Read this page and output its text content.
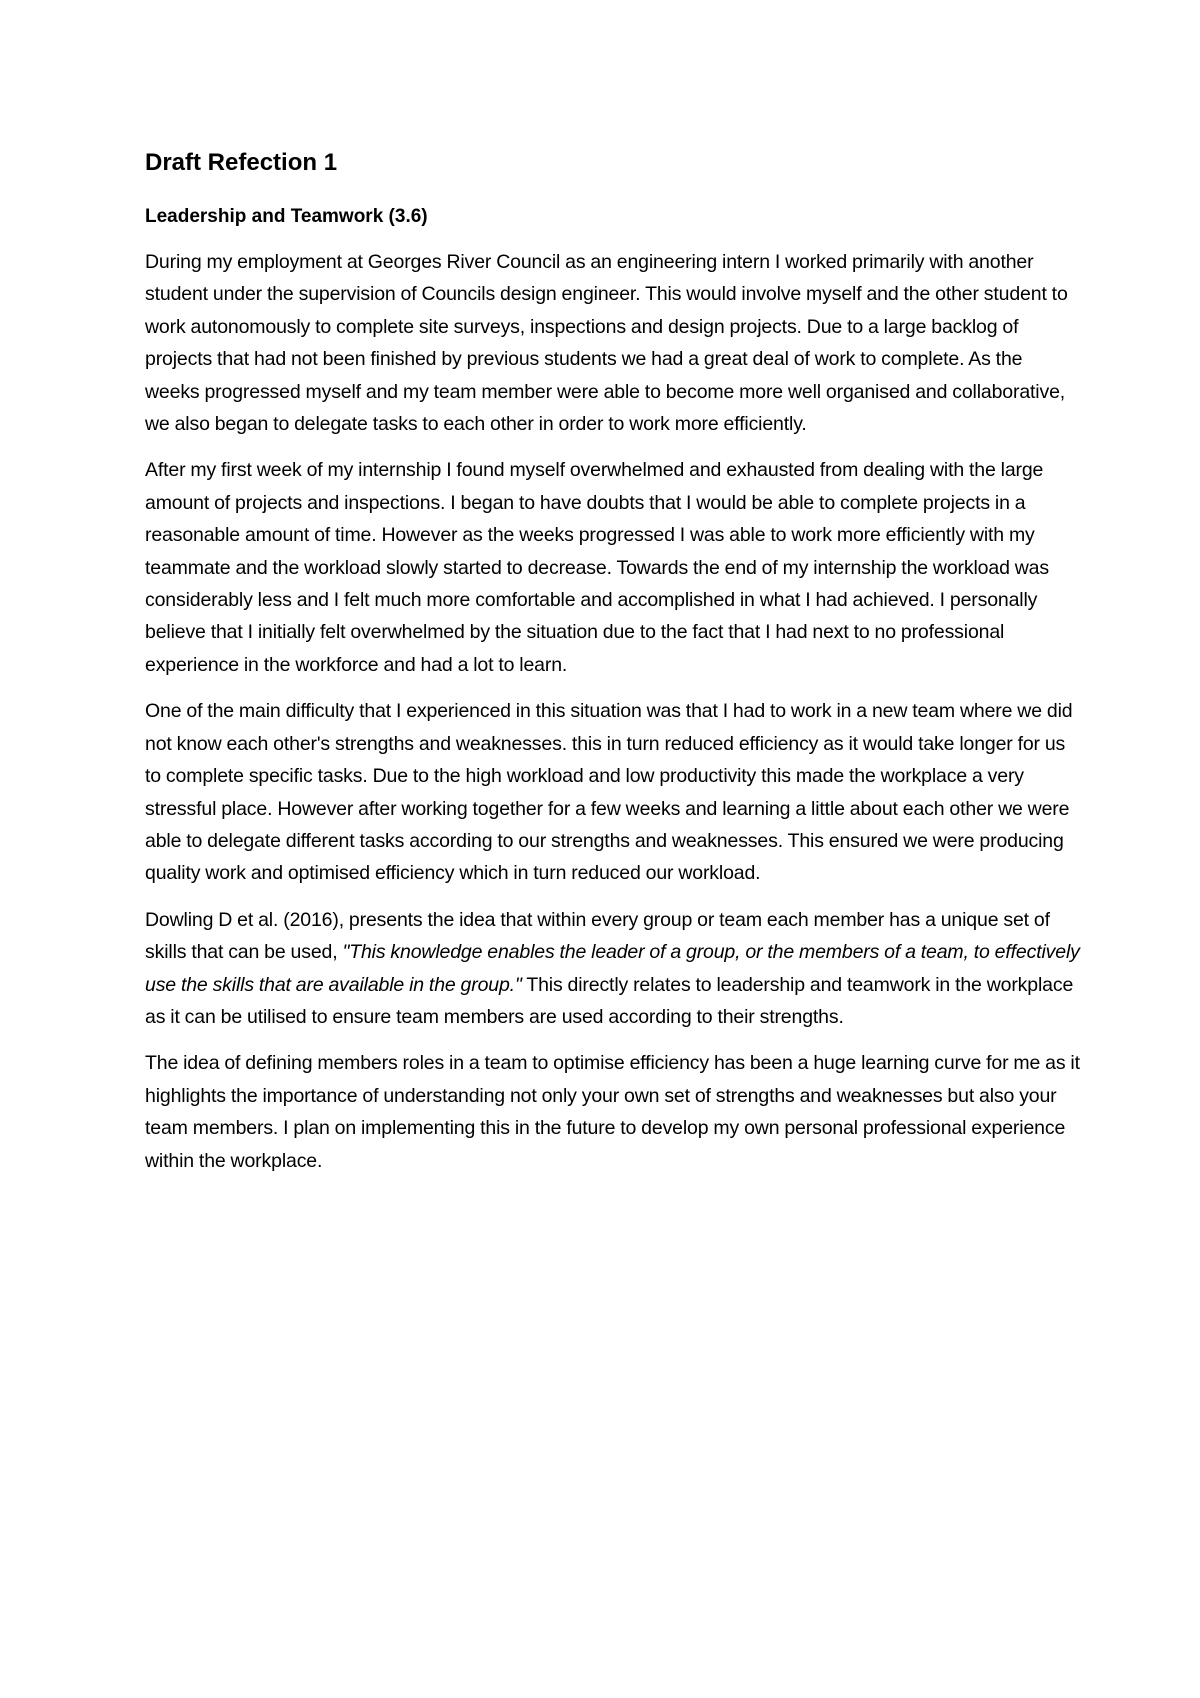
Draft Refection 1
Leadership and Teamwork (3.6)

During my employment at Georges River Council as an engineering intern I worked primarily with another student under the supervision of Councils design engineer. This would involve myself and the other student to work autonomously to complete site surveys, inspections and design projects. Due to a large backlog of projects that had not been finished by previous students we had a great deal of work to complete. As the weeks progressed myself and my team member were able to become more well organised and collaborative, we also began to delegate tasks to each other in order to work more efficiently.

After my first week of my internship I found myself overwhelmed and exhausted from dealing with the large amount of projects and inspections. I began to have doubts that I would be able to complete projects in a reasonable amount of time. However as the weeks progressed I was able to work more efficiently with my teammate and the workload slowly started to decrease. Towards the end of my internship the workload was considerably less and I felt much more comfortable and accomplished in what I had achieved. I personally believe that I initially felt overwhelmed by the situation due to the fact that I had next to no professional experience in the workforce and had a lot to learn.

One of the main difficulty that I experienced in this situation was that I had to work in a new team where we did not know each other's strengths and weaknesses. this in turn reduced efficiency as it would take longer for us to complete specific tasks. Due to the high workload and low productivity this made the workplace a very stressful place. However after working together for a few weeks and learning a little about each other we were able to delegate different tasks according to our strengths and weaknesses. This ensured we were producing quality work and optimised efficiency which in turn reduced our workload.

Dowling D et al. (2016), presents the idea that within every group or team each member has a unique set of skills that can be used, "This knowledge enables the leader of a group, or the members of a team, to effectively use the skills that are available in the group." This directly relates to leadership and teamwork in the workplace as it can be utilised to ensure team members are used according to their strengths.

The idea of defining members roles in a team to optimise efficiency has been a huge learning curve for me as it highlights the importance of understanding not only your own set of strengths and weaknesses but also your team members. I plan on implementing this in the future to develop my own personal professional experience within the workplace.
